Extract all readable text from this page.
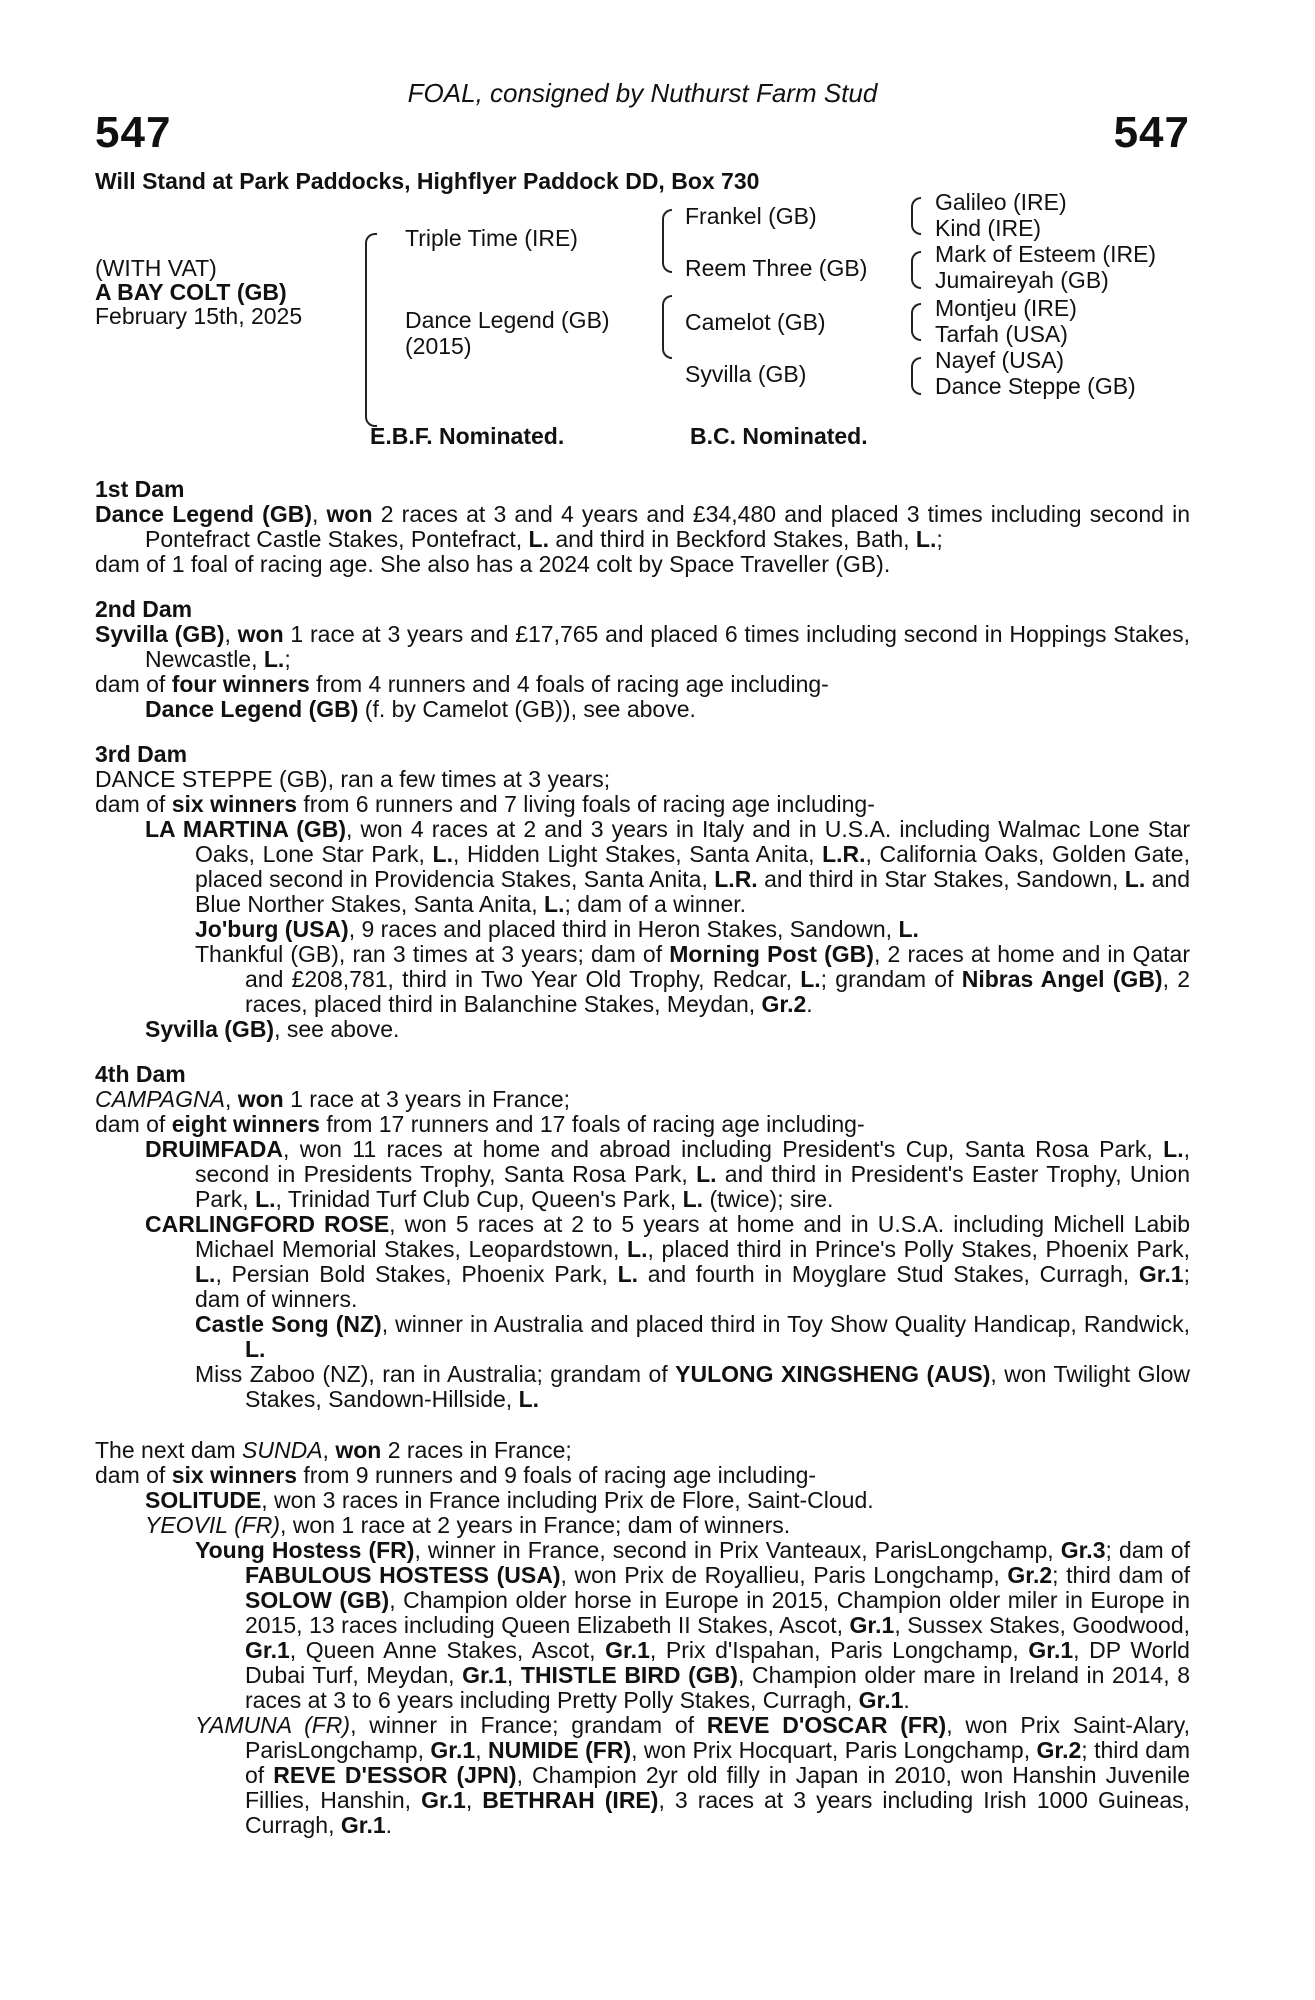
FOAL, consigned by Nuthurst Farm Stud
547	547
Will Stand at Park Paddocks, Highflyer Paddock DD, Box 730
(WITH VAT)
A BAY COLT (GB)
February 15th, 2025
Triple Time (IRE)
Dance Legend (GB)
(2015)
Frankel (GB)
Reem Three (GB)
Camelot (GB)
Syvilla (GB)
Galileo (IRE)
Kind (IRE)
Mark of Esteem (IRE)
Jumaireyah (GB)
Montjeu (IRE)
Tarfah (USA)
Nayef (USA)
Dance Steppe (GB)
E.B.F. Nominated.	B.C. Nominated.
1st Dam
Dance Legend (GB), won 2 races at 3 and 4 years and £34,480 and placed 3 times including second in Pontefract Castle Stakes, Pontefract, L. and third in Beckford Stakes, Bath, L.;
dam of 1 foal of racing age. She also has a 2024 colt by Space Traveller (GB).
2nd Dam
Syvilla (GB), won 1 race at 3 years and £17,765 and placed 6 times including second in Hoppings Stakes, Newcastle, L.;
dam of four winners from 4 runners and 4 foals of racing age including-
Dance Legend (GB) (f. by Camelot (GB)), see above.
3rd Dam
DANCE STEPPE (GB), ran a few times at 3 years;
dam of six winners from 6 runners and 7 living foals of racing age including-
LA MARTINA (GB), won 4 races at 2 and 3 years in Italy and in U.S.A. including Walmac Lone Star Oaks, Lone Star Park, L., Hidden Light Stakes, Santa Anita, L.R., California Oaks, Golden Gate, placed second in Providencia Stakes, Santa Anita, L.R. and third in Star Stakes, Sandown, L. and Blue Norther Stakes, Santa Anita, L.; dam of a winner.
Jo'burg (USA), 9 races and placed third in Heron Stakes, Sandown, L.
Thankful (GB), ran 3 times at 3 years; dam of Morning Post (GB), 2 races at home and in Qatar and £208,781, third in Two Year Old Trophy, Redcar, L.; grandam of Nibras Angel (GB), 2 races, placed third in Balanchine Stakes, Meydan, Gr.2.
Syvilla (GB), see above.
4th Dam
CAMPAGNA, won 1 race at 3 years in France;
dam of eight winners from 17 runners and 17 foals of racing age including-
DRUIMFADA, won 11 races at home and abroad including President's Cup, Santa Rosa Park, L., second in Presidents Trophy, Santa Rosa Park, L. and third in President's Easter Trophy, Union Park, L., Trinidad Turf Club Cup, Queen's Park, L. (twice); sire.
CARLINGFORD ROSE, won 5 races at 2 to 5 years at home and in U.S.A. including Michell Labib Michael Memorial Stakes, Leopardstown, L., placed third in Prince's Polly Stakes, Phoenix Park, L., Persian Bold Stakes, Phoenix Park, L. and fourth in Moyglare Stud Stakes, Curragh, Gr.1; dam of winners.
Castle Song (NZ), winner in Australia and placed third in Toy Show Quality Handicap, Randwick, L.
Miss Zaboo (NZ), ran in Australia; grandam of YULONG XINGSHENG (AUS), won Twilight Glow Stakes, Sandown-Hillside, L.
The next dam SUNDA, won 2 races in France;
dam of six winners from 9 runners and 9 foals of racing age including-
SOLITUDE, won 3 races in France including Prix de Flore, Saint-Cloud.
YEOVIL (FR), won 1 race at 2 years in France; dam of winners.
Young Hostess (FR), winner in France, second in Prix Vanteaux, ParisLongchamp, Gr.3; dam of FABULOUS HOSTESS (USA), won Prix de Royallieu, Paris Longchamp, Gr.2; third dam of SOLOW (GB), Champion older horse in Europe in 2015, Champion older miler in Europe in 2015, 13 races including Queen Elizabeth II Stakes, Ascot, Gr.1, Sussex Stakes, Goodwood, Gr.1, Queen Anne Stakes, Ascot, Gr.1, Prix d'Ispahan, Paris Longchamp, Gr.1, DP World Dubai Turf, Meydan, Gr.1, THISTLE BIRD (GB), Champion older mare in Ireland in 2014, 8 races at 3 to 6 years including Pretty Polly Stakes, Curragh, Gr.1.
YAMUNA (FR), winner in France; grandam of REVE D'OSCAR (FR), won Prix Saint-Alary, ParisLongchamp, Gr.1, NUMIDE (FR), won Prix Hocquart, Paris Longchamp, Gr.2; third dam of REVE D'ESSOR (JPN), Champion 2yr old filly in Japan in 2010, won Hanshin Juvenile Fillies, Hanshin, Gr.1, BETHRAH (IRE), 3 races at 3 years including Irish 1000 Guineas, Curragh, Gr.1.
